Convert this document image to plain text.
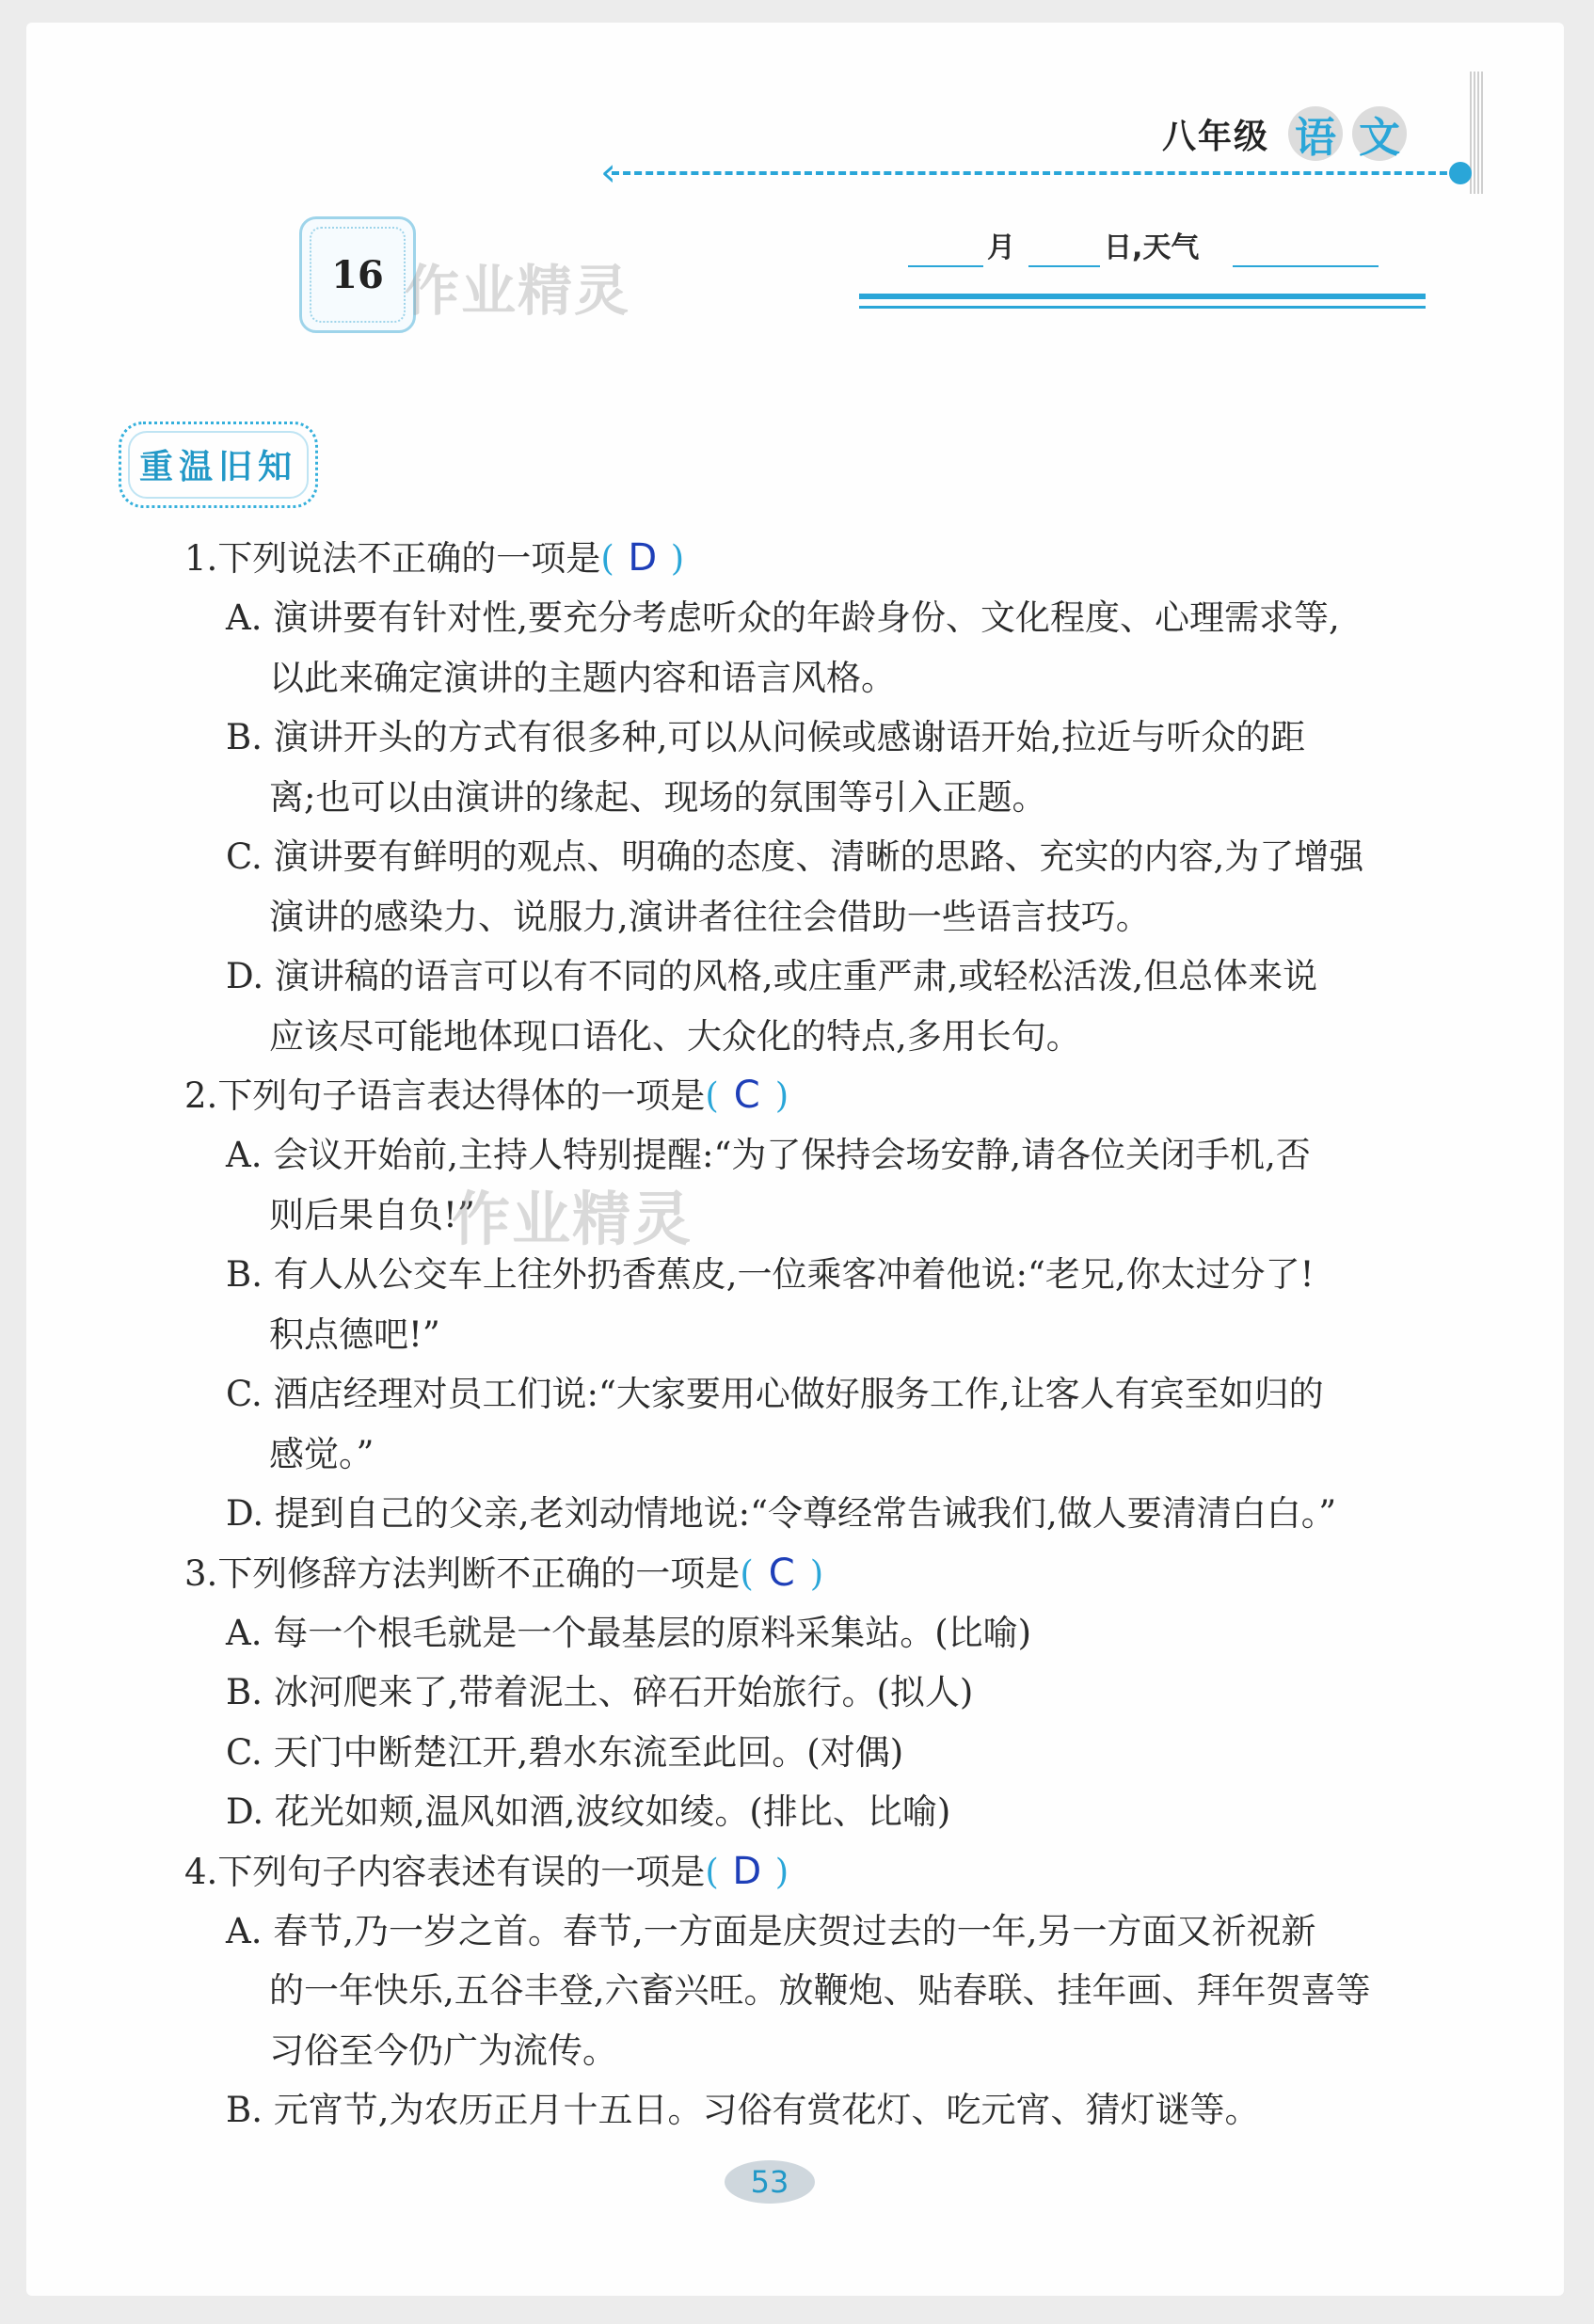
八年级 语 文
‹
16 作业精灵
月	日,天气
重温旧知
1.下列说法不正确的一项是( D )
A. 演讲要有针对性,要充分考虑听众的年龄身份、文化程度、心理需求等,
以此来确定演讲的主题内容和语言风格。
B. 演讲开头的方式有很多种,可以从问候或感谢语开始,拉近与听众的距
离;也可以由演讲的缘起、现场的氛围等引入正题。
C. 演讲要有鲜明的观点、明确的态度、清晰的思路、充实的内容,为了增强
演讲的感染力、说服力,演讲者往往会借助一些语言技巧。
D. 演讲稿的语言可以有不同的风格,或庄重严肃,或轻松活泼,但总体来说
应该尽可能地体现口语化、大众化的特点,多用长句。
2.下列句子语言表达得体的一项是( C )
A. 会议开始前,主持人特别提醒:“为了保持会场安静,请各位关闭手机,否
则后果自负!”
B. 有人从公交车上往外扔香蕉皮,一位乘客冲着他说:“老兄,你太过分了!
积点德吧!”
C. 酒店经理对员工们说:“大家要用心做好服务工作,让客人有宾至如归的
感觉。”
D. 提到自己的父亲,老刘动情地说:“令尊经常告诫我们,做人要清清白白。”
3.下列修辞方法判断不正确的一项是( C )
A. 每一个根毛就是一个最基层的原料采集站。(比喻)
B. 冰河爬来了,带着泥土、碎石开始旅行。(拟人)
C. 天门中断楚江开,碧水东流至此回。(对偶)
D. 花光如颊,温风如酒,波纹如绫。(排比、比喻)
4.下列句子内容表述有误的一项是( D )
A. 春节,乃一岁之首。春节,一方面是庆贺过去的一年,另一方面又祈祝新
的一年快乐,五谷丰登,六畜兴旺。放鞭炮、贴春联、挂年画、拜年贺喜等
习俗至今仍广为流传。
B. 元宵节,为农历正月十五日。习俗有赏花灯、吃元宵、猜灯谜等。
作业精灵
53
